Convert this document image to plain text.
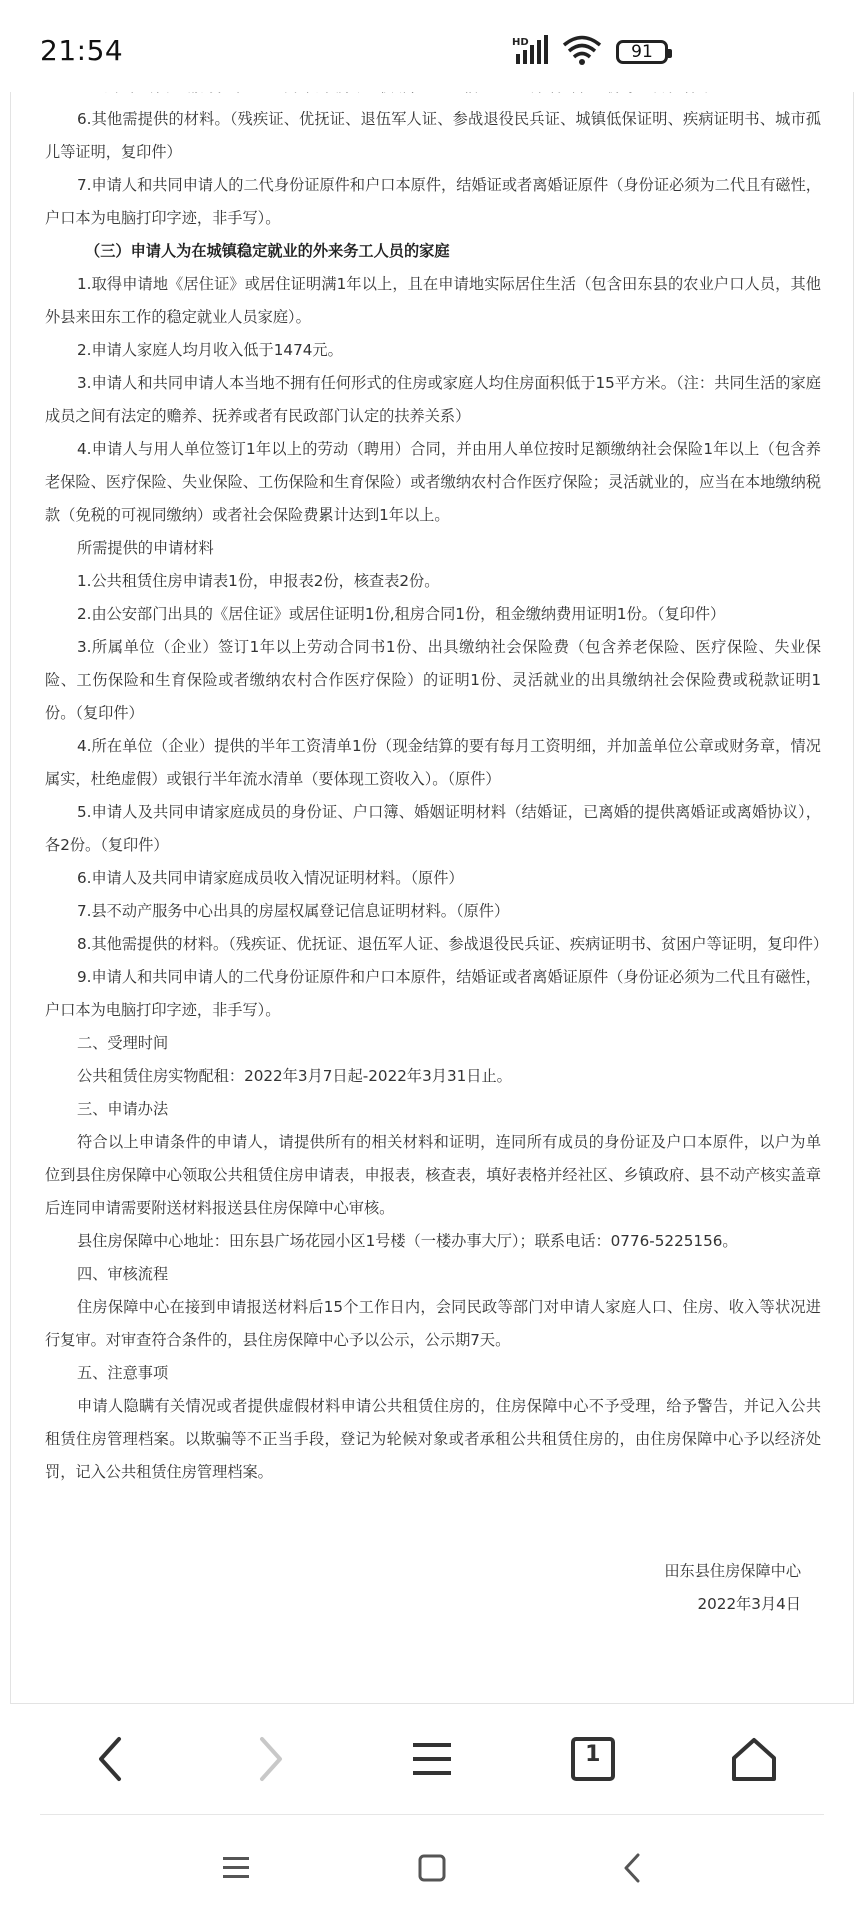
21:54	HD	91
6.其他需提供的材料。（残疾证、优抚证、退伍军人证、参战退役民兵证、城镇低保证明、疾病证明书、城市孤儿等证明，复印件）
7.申请人和共同申请人的二代身份证原件和户口本原件，结婚证或者离婚证原件（身份证必须为二代且有磁性，户口本为电脑打印字迹，非手写）。
（三）申请人为在城镇稳定就业的外来务工人员的家庭
1.取得申请地《居住证》或居住证明满1年以上，且在申请地实际居住生活（包含田东县的农业户口人员，其他外县来田东工作的稳定就业人员家庭）。
2.申请人家庭人均月收入低于1474元。
3.申请人和共同申请人本当地不拥有任何形式的住房或家庭人均住房面积低于15平方米。（注：共同生活的家庭成员之间有法定的赡养、抚养或者有民政部门认定的扶养关系）
4.申请人与用人单位签订1年以上的劳动（聘用）合同，并由用人单位按时足额缴纳社会保险1年以上（包含养老保险、医疗保险、失业保险、工伤保险和生育保险）或者缴纳农村合作医疗保险；灵活就业的，应当在本地缴纳税款（免税的可视同缴纳）或者社会保险费累计达到1年以上。
所需提供的申请材料
1.公共租赁住房申请表1份，申报表2份，核查表2份。
2.由公安部门出具的《居住证》或居住证明1份,租房合同1份，租金缴纳费用证明1份。（复印件）
3.所属单位（企业）签订1年以上劳动合同书1份、出具缴纳社会保险费（包含养老保险、医疗保险、失业保险、工伤保险和生育保险或者缴纳农村合作医疗保险）的证明1份、灵活就业的出具缴纳社会保险费或税款证明1份。（复印件）
4.所在单位（企业）提供的半年工资清单1份（现金结算的要有每月工资明细，并加盖单位公章或财务章，情况属实，杜绝虚假）或银行半年流水清单（要体现工资收入）。（原件）
5.申请人及共同申请家庭成员的身份证、户口簿、婚姻证明材料（结婚证，已离婚的提供离婚证或离婚协议），各2份。（复印件）
6.申请人及共同申请家庭成员收入情况证明材料。（原件）
7.县不动产服务中心出具的房屋权属登记信息证明材料。（原件）
8.其他需提供的材料。（残疾证、优抚证、退伍军人证、参战退役民兵证、疾病证明书、贫困户等证明，复印件）
9.申请人和共同申请人的二代身份证原件和户口本原件，结婚证或者离婚证原件（身份证必须为二代且有磁性，户口本为电脑打印字迹，非手写）。
二、受理时间
公共租赁住房实物配租：2022年3月7日起-2022年3月31日止。
三、申请办法
符合以上申请条件的申请人，请提供所有的相关材料和证明，连同所有成员的身份证及户口本原件，以户为单位到县住房保障中心领取公共租赁住房申请表，申报表，核查表，填好表格并经社区、乡镇政府、县不动产核实盖章后连同申请需要附送材料报送县住房保障中心审核。
县住房保障中心地址：田东县广场花园小区1号楼（一楼办事大厅）；联系电话：0776-5225156。
四、审核流程
住房保障中心在接到申请报送材料后15个工作日内，会同民政等部门对申请人家庭人口、住房、收入等状况进行复审。对审查符合条件的，县住房保障中心予以公示，公示期7天。
五、注意事项
申请人隐瞒有关情况或者提供虚假材料申请公共租赁住房的，住房保障中心不予受理，给予警告，并记入公共租赁住房管理档案。以欺骗等不正当手段，登记为轮候对象或者承租公共租赁住房的，由住房保障中心予以经济处罚，记入公共租赁住房管理档案。
田东县住房保障中心
2022年3月4日
1
